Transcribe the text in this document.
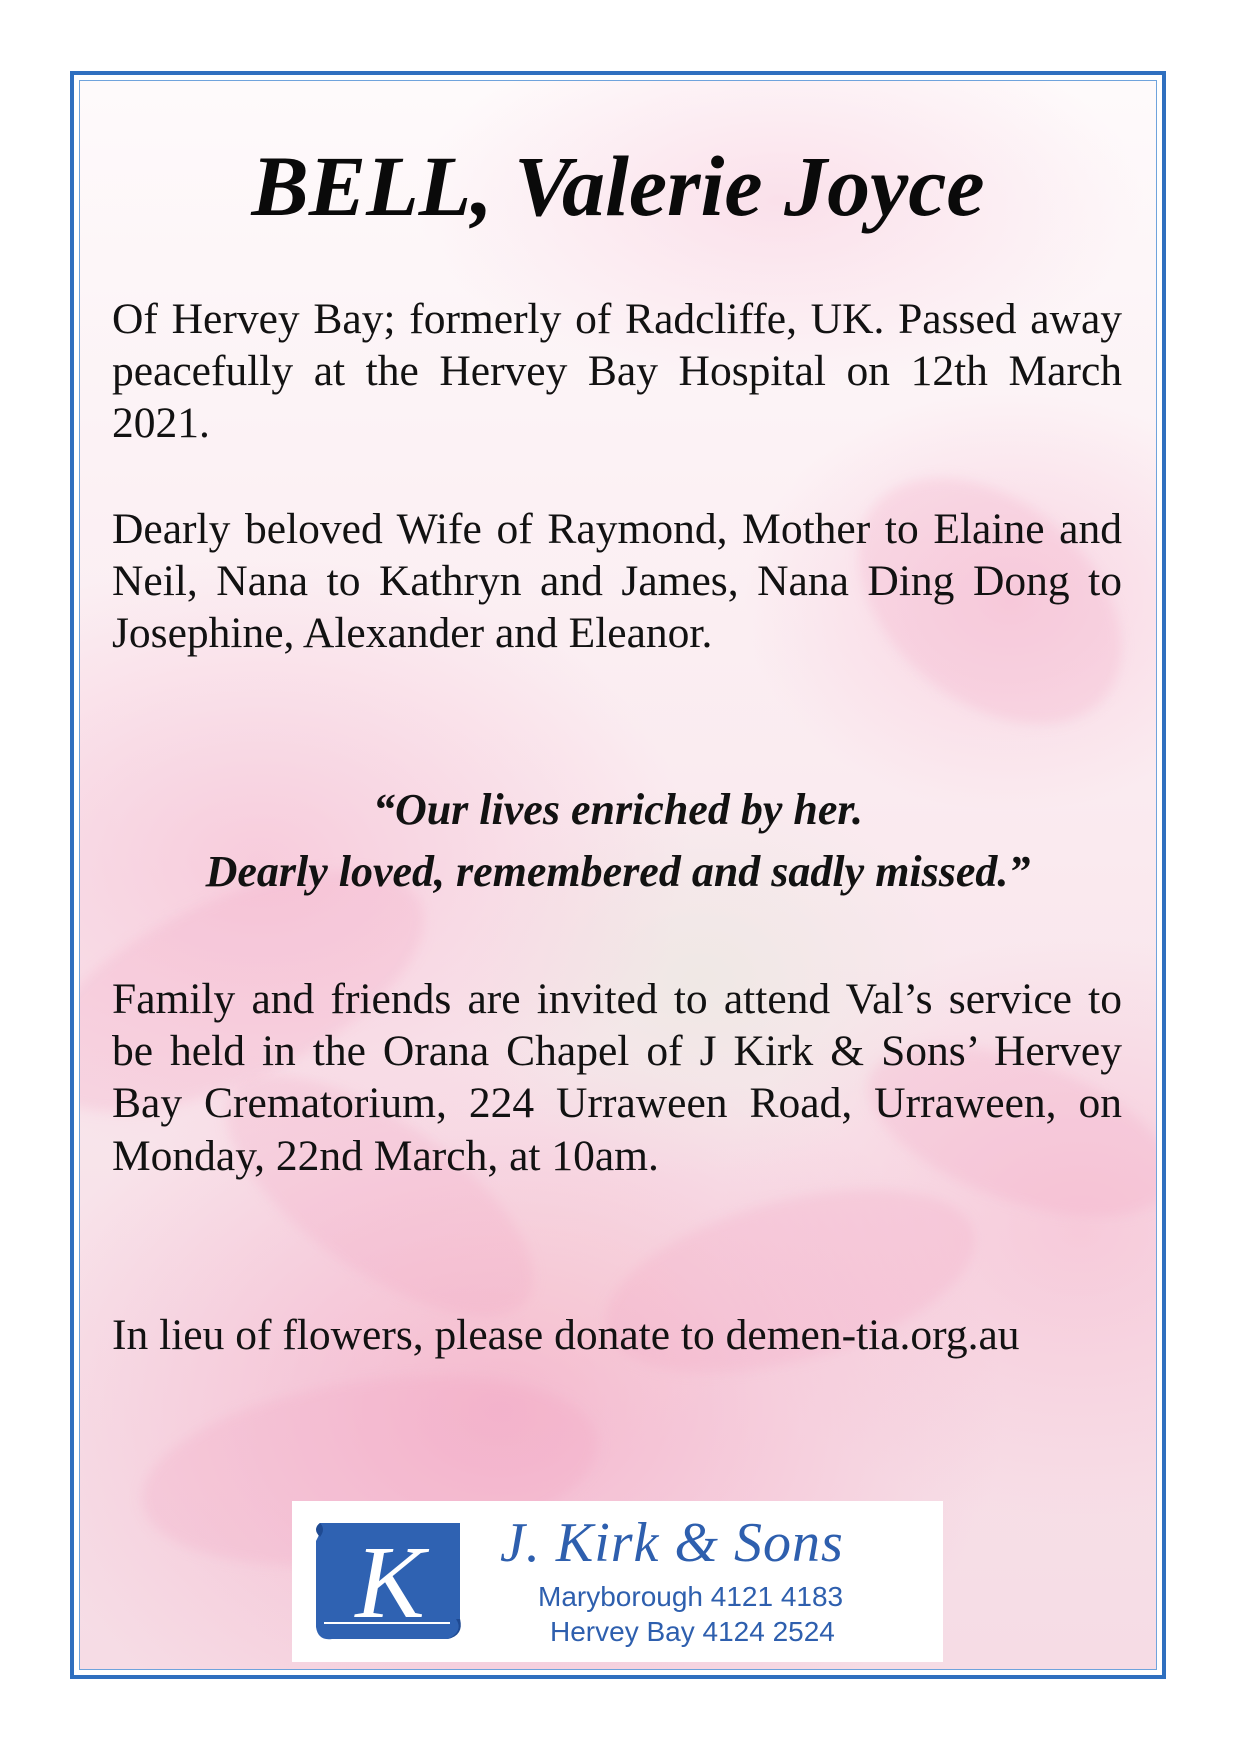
BELL, Valerie Joyce

Of Hervey Bay; formerly of Radcliffe, UK. Passed away peacefully at the Hervey Bay Hospital on 12th March 2021.

Dearly beloved Wife of Raymond, Mother to Elaine and Neil, Nana to Kathryn and James, Nana Ding Dong to Josephine, Alexander and Eleanor.

“Our lives enriched by her.
Dearly loved, remembered and sadly missed.”

Family and friends are invited to attend Val’s service to be held in the Orana Chapel of J Kirk & Sons’ Hervey Bay Crematorium, 224 Urraween Road, Urraween, on Monday, 22nd March, at 10am.

In lieu of flowers, please donate to demen-tia.org.au

K J. Kirk & Sons
Maryborough 4121 4183
Hervey Bay 4124 2524
